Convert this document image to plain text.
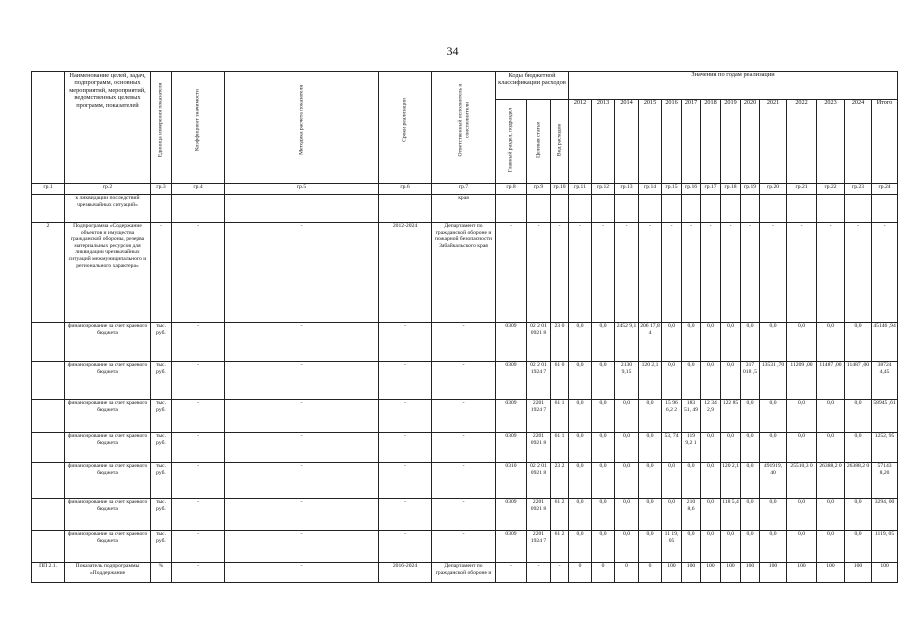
34
	Наименование целей, задач, подпрограмм, основных мероприятий, мероприятий, ведомственных целевых программ, показателей	Единица измерения показателя	Коэффициент значимости	Методика расчета показателя	Сроки реализации	Ответственный исполнитель и соисполнители	Коды бюджетной классификации расходов			Значения по годам реализации													

							Главный раздел, подраздел	Целевая статья	Вид расходов	2012	2013	2014	2015	2016	2017	2018	2019	2020	2021	2022	2023	2024	Итого
гр.1	гр.2	гр.3	гр.4	гр.5	гр.6	гр.7	гр.8	гр.9	гр.10	гр.11	гр.12	гр.13	гр.14	гр.15	гр.16	гр.17	гр.18	гр.19	гр.20	гр.21	гр.22	гр.23	гр.24
	к ликвидации последствий чрезвычайных ситуаций»					края																	
2	Подпрограмма «Содержание объектов и имущества гражданской обороны, резерва материальных ресурсов для ликвидации чрезвычайных ситуаций межмуниципального и регионального характера»	-	-	-	2012-2024	Департамент по гражданской обороне и пожарной безопасности Забайкальского края	-	-	-	-	-	-	-	-	-	-	-	-	-	-	-	-	-
	финансирование за счет краевого бюджета	тыс. руб.	-	-	-	-	0309	02 2 01 0921 8	23 0	0,0	0,0	2452 9,1	206 17,8 4	0,0	0,0	0,0	0,0	0,0	0,0	0,0	0,0	0,0	45146 ,94
	финансирование за счет краевого бюджета	тыс. руб.	-	-	-	-	0309	02 2 01 1924 7	61 0	0,0	0,0	2130 9,15	120 2,1	0,0	0,0	0,0	0,0	317 018 ,5	13531 ,70	11209 ,00	11487 ,00	11487 ,00	38724 4,45
	финансирование за счет краевого бюджета	тыс. руб.	-	-	-	-	0309	2201 1924 7	61 1	0,0	0,0	0,0	0,0	15 96 6,2 2	183 51, 49	12 34 2,9	122 85	0,0	0,0	0,0	0,0	0,0	58945 ,61
	финансирование за счет краевого бюджета	тыс. руб.	-	-	-	-	0309	2201 0921 8	61 1	0,0	0,0	0,0	0,0	53, 74	119 9,2 1	0,0	0,0	0,0	0,0	0,0	0,0	0,0	1252, 95
	финансирование за счет краевого бюджета	тыс. руб.	-	-	-	-	0310	02 2 01 0921 8	23 2	0,0	0,0	0,0	0,0	0,0	0,0	0,0	120 2,1	0,0	491919, 40	25510,3 0	26388,2 0	26388,2 0	57143 8,20
	финансирование за счет краевого бюджета	тыс. руб.	-	-	-	-	0309	2201 0921 8	61 2	0,0	0,0	0,0	0,0	0,0	210 8,6	0,0	118 5,4	0,0	0,0	0,0	0,0	0,0	3294, 00
	финансирование за счет краевого бюджета	тыс. руб.	-	-	-	-	0309	2201 1924 7	61 2	0,0	0,0	0,0	0,0	11 19, 05	0,0	0,0	0,0	0,0	0,0	0,0	0,0	0,0	1119, 05
ПП 2.1.	Показатель подпрограммы «Поддержание	%	-	-	2016-2024	Департамент по гражданской обороне и	-	-	-	0	0	0	0	100	100	100	100	100	100	100	100	100	100
